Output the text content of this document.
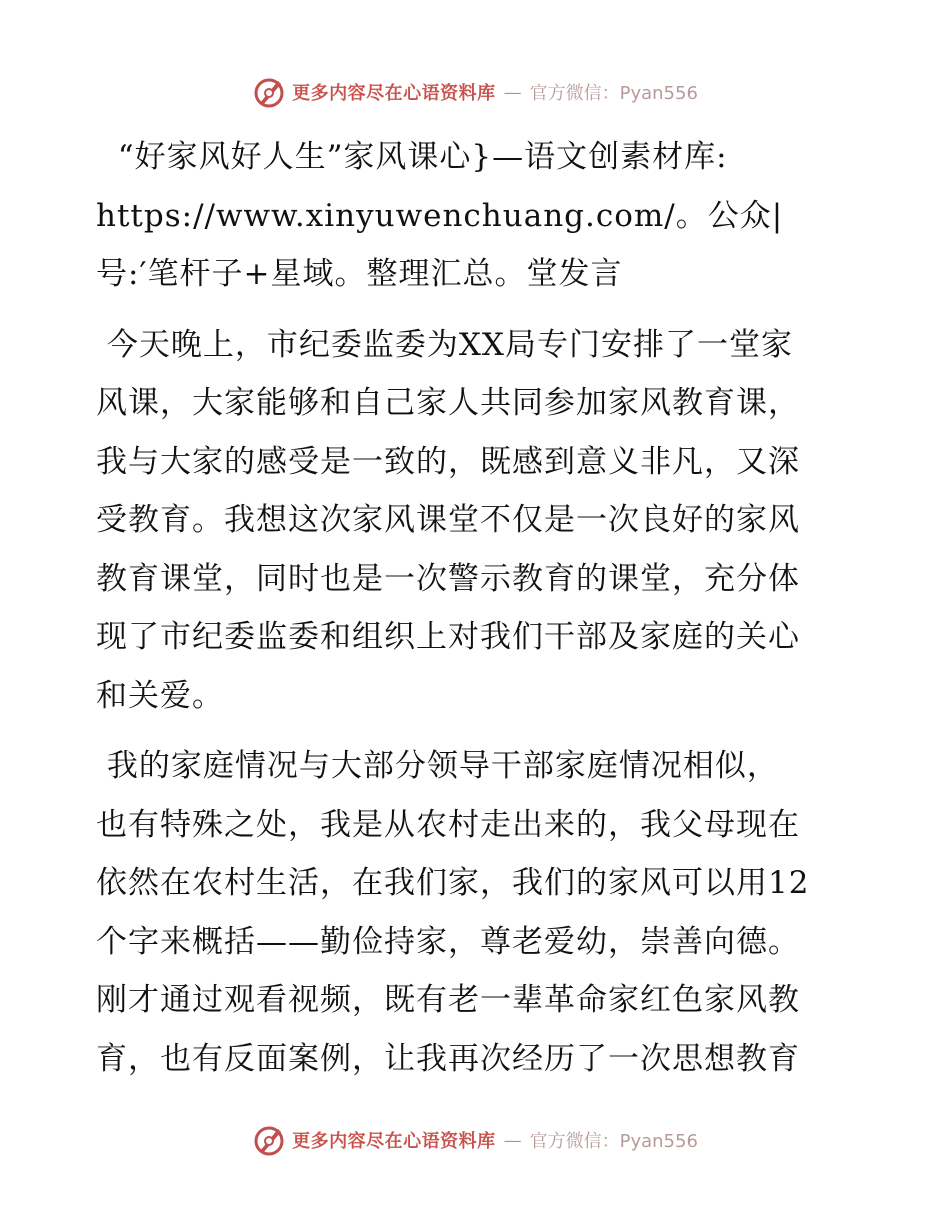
更多内容尽在心语资料库 — 官方微信：Pyan556

“好家风好人生”家风课心}—语文创素材库:
https://www.xinyuwenchuang.com/。公众|
号:′笔杆子+星域。整理汇总。堂发言

今天晚上，市纪委监委为XX局专门安排了一堂家
风课，大家能够和自己家人共同参加家风教育课，
我与大家的感受是一致的，既感到意义非凡，又深
受教育。我想这次家风课堂不仅是一次良好的家风
教育课堂，同时也是一次警示教育的课堂，充分体
现了市纪委监委和组织上对我们干部及家庭的关心
和关爱。

我的家庭情况与大部分领导干部家庭情况相似，
也有特殊之处，我是从农村走出来的，我父母现在
依然在农村生活，在我们家，我们的家风可以用12
个字来概括——勤俭持家，尊老爱幼，崇善向德。
刚才通过观看视频，既有老一辈革命家红色家风教
育，也有反面案例，让我再次经历了一次思想教育

更多内容尽在心语资料库 — 官方微信：Pyan556
